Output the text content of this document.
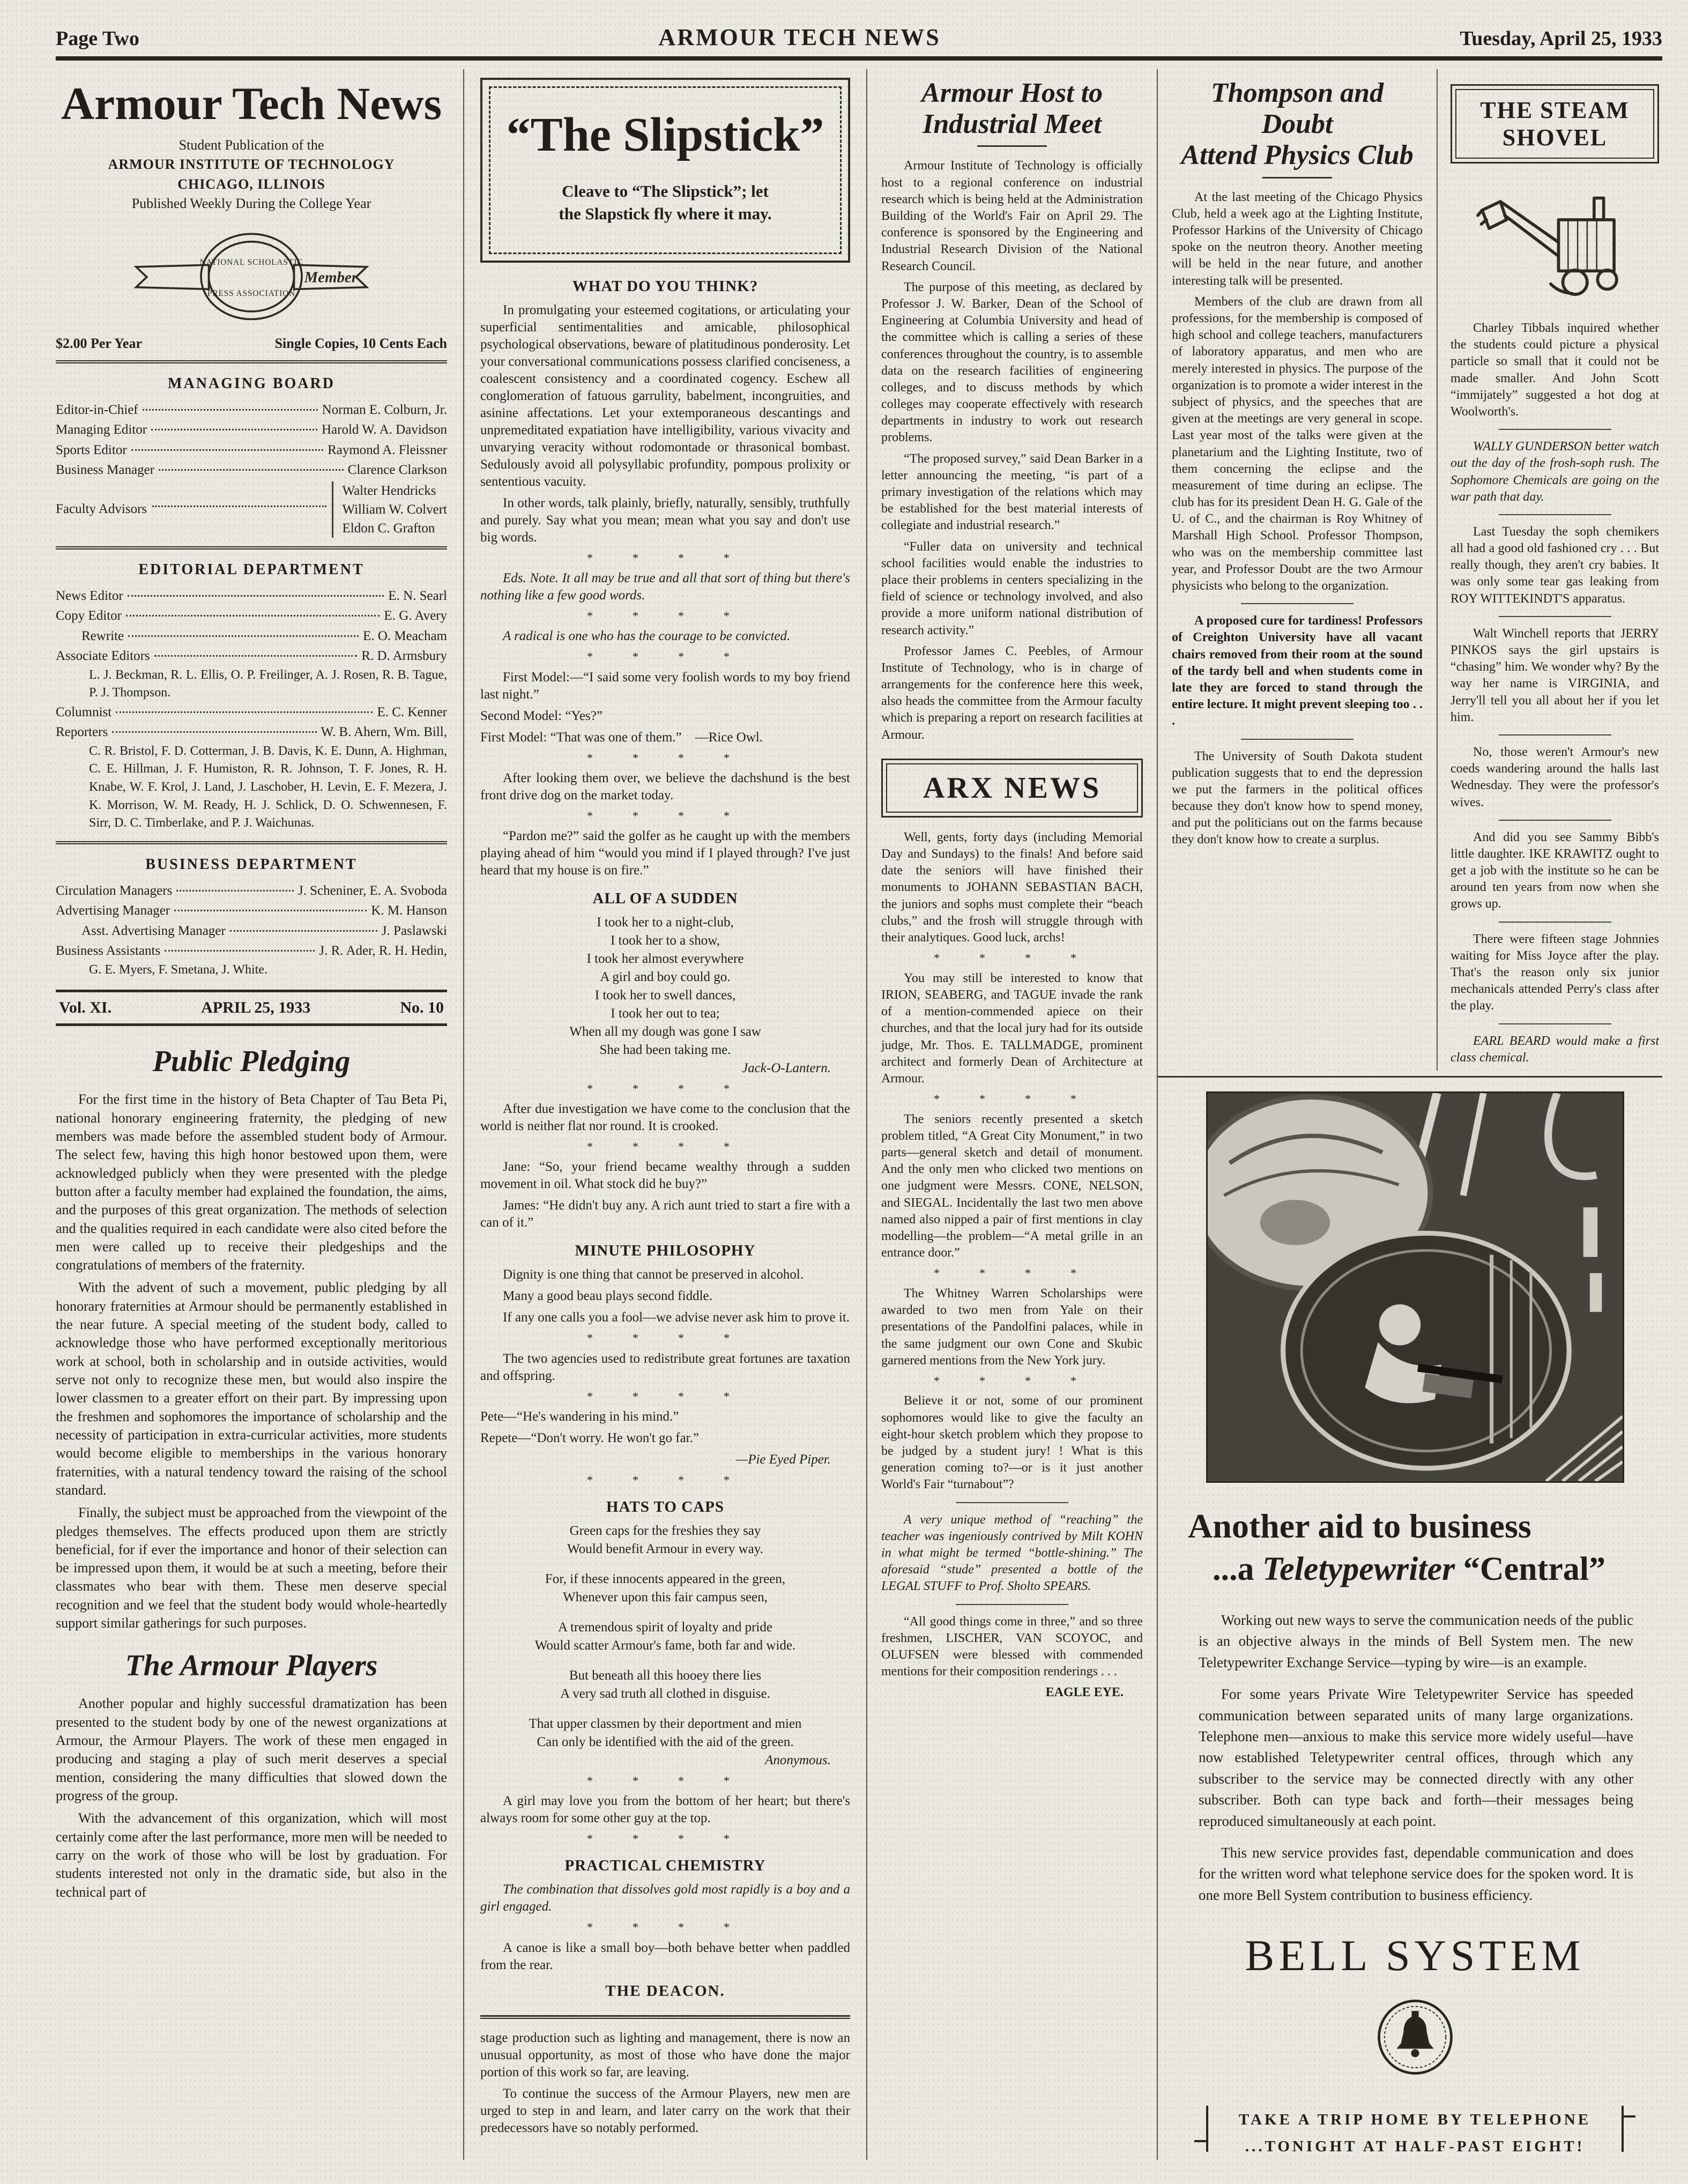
Page Two	ARMOUR TECH NEWS	Tuesday, April 25, 1933
Armour Tech News
Student Publication of the
ARMOUR INSTITUTE OF TECHNOLOGY
CHICAGO, ILLINOIS
Published Weekly During the College Year
NATIONAL SCHOLASTIC
PRESS ASSOCIATION
Member
$2.00 Per Year	Single Copies, 10 Cents Each
MANAGING BOARD
Editor-in-Chief	Norman E. Colburn, Jr.
Managing Editor	Harold W. A. Davidson
Sports Editor	Raymond A. Fleissner
Business Manager	Clarence Clarkson
Faculty Advisors
Walter Hendricks
William W. Colvert
Eldon C. Grafton
EDITORIAL DEPARTMENT
News Editor	E. N. Searl
Copy Editor	E. G. Avery
Rewrite	E. O. Meacham
Associate Editors	R. D. Armsbury
L. J. Beckman, R. L. Ellis, O. P. Freilinger, A. J. Rosen, R. B. Tague, P. J. Thompson.
Columnist	E. C. Kenner
Reporters	W. B. Ahern, Wm. Bill,
C. R. Bristol, F. D. Cotterman, J. B. Davis, K. E. Dunn, A. Highman, C. E. Hillman, J. F. Humiston, R. R. Johnson, T. F. Jones, R. H. Knabe, W. F. Krol, J. Land, J. Laschober, H. Levin, E. F. Mezera, J. K. Morrison, W. M. Ready, H. J. Schlick, D. O. Schwennesen, F. Sirr, D. C. Timberlake, and P. J. Waichunas.
BUSINESS DEPARTMENT
Circulation Managers	J. Scheniner, E. A. Svoboda
Advertising Manager	K. M. Hanson
Asst. Advertising Manager	J. Paslawski
Business Assistants	J. R. Ader, R. H. Hedin,
G. E. Myers, F. Smetana, J. White.
Vol. XI.	APRIL 25, 1933	No. 10
Public Pledging

For the first time in the history of Beta Chapter of Tau Beta Pi, national honorary engineering fraternity, the pledging of new members was made before the assembled student body of Armour. The select few, having this high honor bestowed upon them, were acknowledged publicly when they were presented with the pledge button after a faculty member had explained the foundation, the aims, and the purposes of this great organization. The methods of selection and the qualities required in each candidate were also cited before the men were called up to receive their pledgeships and the congratulations of members of the fraternity.

With the advent of such a movement, public pledging by all honorary fraternities at Armour should be permanently established in the near future. A special meeting of the student body, called to acknowledge those who have performed exceptionally meritorious work at school, both in scholarship and in outside activities, would serve not only to recognize these men, but would also inspire the lower classmen to a greater effort on their part. By impressing upon the freshmen and sophomores the importance of scholarship and the necessity of participation in extra-curricular activities, more students would become eligible to memberships in the various honorary fraternities, with a natural tendency toward the raising of the school standard.

Finally, the subject must be approached from the viewpoint of the pledges themselves. The effects produced upon them are strictly beneficial, for if ever the importance and honor of their selection can be impressed upon them, it would be at such a meeting, before their classmates who bear with them. These men deserve special recognition and we feel that the student body would whole-heartedly support similar gatherings for such purposes.

The Armour Players

Another popular and highly successful dramatization has been presented to the student body by one of the newest organizations at Armour, the Armour Players. The work of these men engaged in producing and staging a play of such merit deserves a special mention, considering the many difficulties that slowed down the progress of the group.

With the advancement of this organization, which will most certainly come after the last performance, more men will be needed to carry on the work of those who will be lost by graduation. For students interested not only in the dramatic side, but also in the technical part of

“The Slipstick”

Cleave to “The Slipstick”; let

the Slapstick fly where it may.

WHAT DO YOU THINK?

In promulgating your esteemed cogitations, or articulating your superficial sentimentalities and amicable, philosophical psychological observations, beware of platitudinous ponderosity. Let your conversational communications possess clarified conciseness, a coalescent consistency and a coordinated cogency. Eschew all conglomeration of fatuous garrulity, babelment, incongruities, and asinine affectations. Let your extemporaneous descantings and unpremeditated expatiation have intelligibility, various vivacity and unvarying veracity without rodomontade or thrasonical bombast. Sedulously avoid all polysyllabic profundity, pompous prolixity or sententious vacuity.

In other words, talk plainly, briefly, naturally, sensibly, truthfully and purely. Say what you mean; mean what you say and don't use big words.

* * * *

Eds. Note. It all may be true and all that sort of thing but there's nothing like a few good words.

* * * *

A radical is one who has the courage to be convicted.

* * * *

First Model:—“I said some very foolish words to my boy friend last night.”

Second Model: “Yes?”

First Model: “That was one of them.” —Rice Owl.

* * * *

After looking them over, we believe the dachshund is the best front drive dog on the market today.

* * * *

“Pardon me?” said the golfer as he caught up with the members playing ahead of him “would you mind if I played through? I've just heard that my house is on fire.”

ALL OF A SUDDEN

I took her to a night-club,

I took her to a show,

I took her almost everywhere

A girl and boy could go.

I took her to swell dances,

I took her out to tea;

When all my dough was gone I saw

She had been taking me.

Jack-O-Lantern.

* * * *

After due investigation we have come to the conclusion that the world is neither flat nor round. It is crooked.

* * * *

Jane: “So, your friend became wealthy through a sudden movement in oil. What stock did he buy?”

James: “He didn't buy any. A rich aunt tried to start a fire with a can of it.”

MINUTE PHILOSOPHY

Dignity is one thing that cannot be preserved in alcohol.

Many a good beau plays second fiddle.

If any one calls you a fool—we advise never ask him to prove it.

* * * *

The two agencies used to redistribute great fortunes are taxation and offspring.

* * * *

Pete—“He's wandering in his mind.”

Repete—“Don't worry. He won't go far.”

—Pie Eyed Piper.

* * * *

HATS TO CAPS

Green caps for the freshies they say

Would benefit Armour in every way.

For, if these innocents appeared in the green,

Whenever upon this fair campus seen,

A tremendous spirit of loyalty and pride

Would scatter Armour's fame, both far and wide.

But beneath all this hooey there lies

A very sad truth all clothed in disguise.

That upper classmen by their deportment and mien

Can only be identified with the aid of the green.

Anonymous.

* * * *

A girl may love you from the bottom of her heart; but there's always room for some other guy at the top.

* * * *

PRACTICAL CHEMISTRY

The combination that dissolves gold most rapidly is a boy and a girl engaged.

* * * *

A canoe is like a small boy—both behave better when paddled from the rear.

THE DEACON.

stage production such as lighting and management, there is now an unusual opportunity, as most of those who have done the major portion of this work so far, are leaving.

To continue the success of the Armour Players, new men are urged to step in and learn, and later carry on the work that their predecessors have so notably performed.

Armour Host to
Industrial Meet

Armour Institute of Technology is officially host to a regional conference on industrial research which is being held at the Administration Building of the World's Fair on April 29. The conference is sponsored by the Engineering and Industrial Research Division of the National Research Council.

The purpose of this meeting, as declared by Professor J. W. Barker, Dean of the School of Engineering at Columbia University and head of the committee which is calling a series of these conferences throughout the country, is to assemble data on the research facilities of engineering colleges, and to discuss methods by which colleges may cooperate effectively with research departments in industry to work out research problems.

“The proposed survey,” said Dean Barker in a letter announcing the meeting, “is part of a primary investigation of the relations which may be established for the best material interests of collegiate and industrial research.”

“Fuller data on university and technical school facilities would enable the industries to place their problems in centers specializing in the field of science or technology involved, and also provide a more uniform national distribution of research activity.”

Professor James C. Peebles, of Armour Institute of Technology, who is in charge of arrangements for the conference here this week, also heads the committee from the Armour faculty which is preparing a report on research facilities at Armour.

ARX NEWS

Well, gents, forty days (including Memorial Day and Sundays) to the finals! And before said date the seniors will have finished their monuments to JOHANN SEBASTIAN BACH, the juniors and sophs must complete their “beach clubs,” and the frosh will struggle through with their analytiques. Good luck, archs!

* * * *

You may still be interested to know that IRION, SEABERG, and TAGUE invade the rank of a mention-commended apiece on their churches, and that the local jury had for its outside judge, Mr. Thos. E. TALLMADGE, prominent architect and formerly Dean of Architecture at Armour.

* * * *

The seniors recently presented a sketch problem titled, “A Great City Monument,” in two parts—general sketch and detail of monument. And the only men who clicked two mentions on one judgment were Messrs. CONE, NELSON, and SIEGAL. Incidentally the last two men above named also nipped a pair of first mentions in clay modelling—the problem—“A metal grille in an entrance door.”

* * * *

The Whitney Warren Scholarships were awarded to two men from Yale on their presentations of the Pandolfini palaces, while in the same judgment our own Cone and Skubic garnered mentions from the New York jury.

* * * *

Believe it or not, some of our prominent sophomores would like to give the faculty an eight-hour sketch problem which they propose to be judged by a student jury! ! What is this generation coming to?—or is it just another World's Fair “turnabout”?

A very unique method of “reaching” the teacher was ingeniously contrived by Milt KOHN in what might be termed “bottle-shining.” The aforesaid “stude” presented a bottle of the LEGAL STUFF to Prof. Sholto SPEARS.

“All good things come in three,” and so three freshmen, LISCHER, VAN SCOYOC, and OLUFSEN were blessed with commended mentions for their composition renderings . . .

EAGLE EYE.

Thompson and Doubt
Attend Physics Club

At the last meeting of the Chicago Physics Club, held a week ago at the Lighting Institute, Professor Harkins of the University of Chicago spoke on the neutron theory. Another meeting will be held in the near future, and another interesting talk will be presented.

Members of the club are drawn from all professions, for the membership is composed of high school and college teachers, manufacturers of laboratory apparatus, and men who are merely interested in physics. The purpose of the organization is to promote a wider interest in the subject of physics, and the speeches that are given at the meetings are very general in scope. Last year most of the talks were given at the planetarium and the Lighting Institute, two of them concerning the eclipse and the measurement of time during an eclipse. The club has for its president Dean H. G. Gale of the U. of C., and the chairman is Roy Whitney of Marshall High School. Professor Thompson, who was on the membership committee last year, and Professor Doubt are the two Armour physicists who belong to the organization.

A proposed cure for tardiness! Professors of Creighton University have all vacant chairs removed from their room at the sound of the tardy bell and when students come in late they are forced to stand through the entire lecture. It might prevent sleeping too . . .

The University of South Dakota student publication suggests that to end the depression we put the farmers in the political offices because they don't know how to spend money, and put the politicians out on the farms because they don't know how to create a surplus.

THE STEAM SHOVEL

Charley Tibbals inquired whether the students could picture a physical particle so small that it could not be made smaller. And John Scott “immijately” suggested a hot dog at Woolworth's.

WALLY GUNDERSON better watch out the day of the frosh-soph rush. The Sophomore Chemicals are going on the war path that day.

Last Tuesday the soph chemikers all had a good old fashioned cry . . . But really though, they aren't cry babies. It was only some tear gas leaking from ROY WITTEKINDT'S apparatus.

Walt Winchell reports that JERRY PINKOS says the girl upstairs is “chasing” him. We wonder why? By the way her name is VIRGINIA, and Jerry'll tell you all about her if you let him.

No, those weren't Armour's new coeds wandering around the halls last Wednesday. They were the professor's wives.

And did you see Sammy Bibb's little daughter. IKE KRAWITZ ought to get a job with the institute so he can be around ten years from now when she grows up.

There were fifteen stage Johnnies waiting for Miss Joyce after the play. That's the reason only six junior mechanicals attended Perry's class after the play.

EARL BEARD would make a first class chemical.

Another aid to business
...a Teletypewriter “Central”

Working out new ways to serve the communication needs of the public is an objective always in the minds of Bell System men. The new Teletypewriter Exchange Service—typing by wire—is an example.

For some years Private Wire Teletypewriter Service has speeded communication between separated units of many large organizations. Telephone men—anxious to make this service more widely useful—have now established Teletypewriter central offices, through which any subscriber to the service may be connected directly with any other subscriber. Both can type back and forth—their messages being reproduced simultaneously at each point.

This new service provides fast, dependable communication and does for the written word what telephone service does for the spoken word. It is one more Bell System contribution to business efficiency.

BELL SYSTEM
TAKE A TRIP HOME BY TELEPHONE
...TONIGHT AT HALF-PAST EIGHT!
